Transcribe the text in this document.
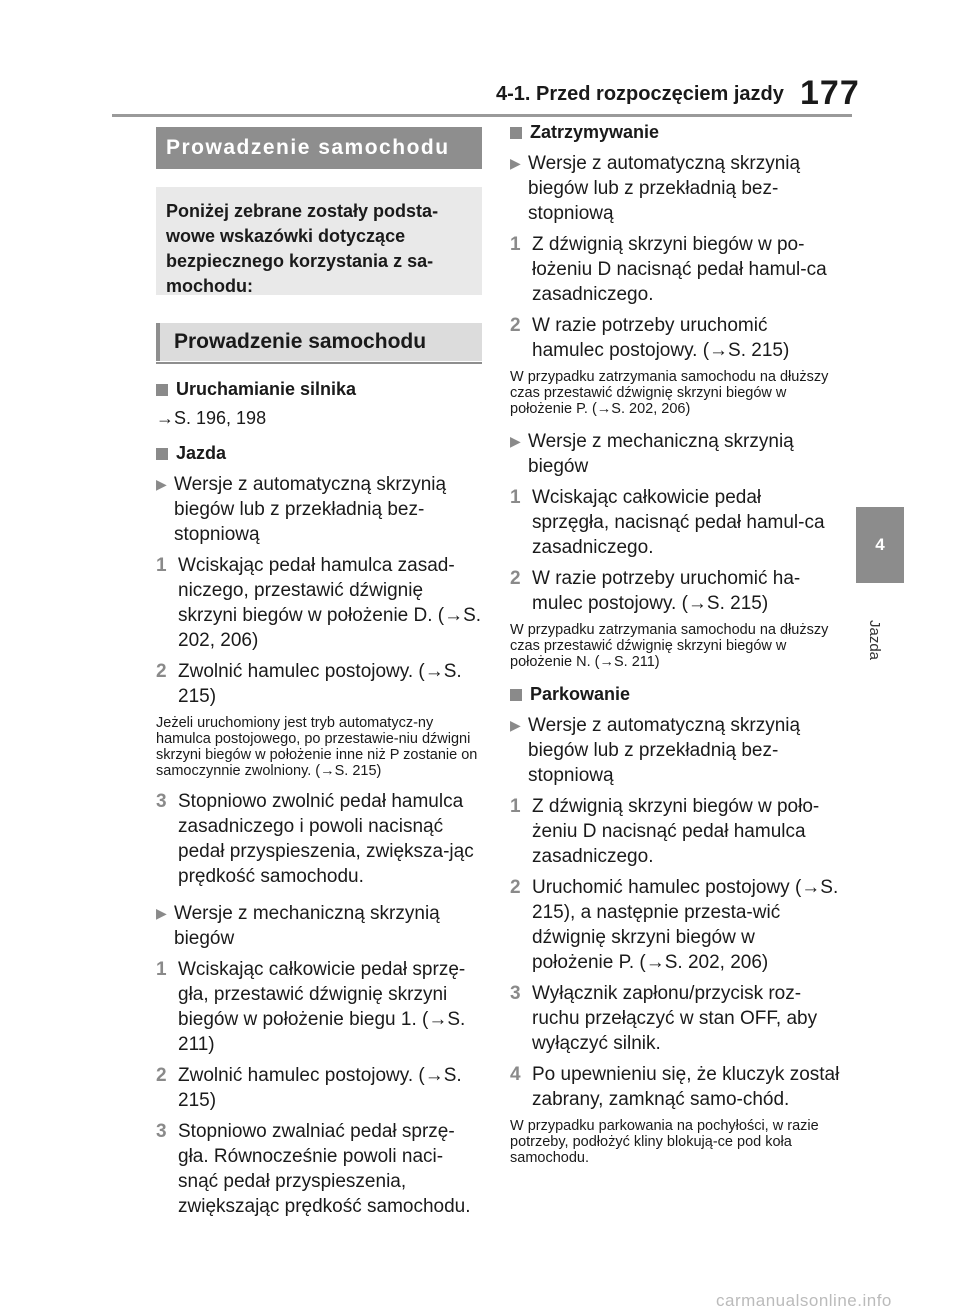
4-1. Przed rozpoczęciem jazdy 177
4
Jazda
Prowadzenie samochodu
Poniżej zebrane zostały podsta-wowe wskazówki dotyczące bezpiecznego korzystania z sa-mochodu:
Prowadzenie samochodu
Uruchamianie silnika
→S. 196, 198
Jazda
▶ Wersje z automatyczną skrzynią biegów lub z przekładnią bez-stopniową
1 Wciskając pedał hamulca zasad-niczego, przestawić dźwignię skrzyni biegów w położenie D. (→S. 202, 206)
2 Zwolnić hamulec postojowy. (→S. 215)
Jeżeli uruchomiony jest tryb automatycz-ny hamulca postojowego, po przestawie-niu dźwigni skrzyni biegów w położenie inne niż P zostanie on samoczynnie zwolniony. (→S. 215)
3 Stopniowo zwolnić pedał hamulca zasadniczego i powoli nacisnąć pedał przyspieszenia, zwiększa-jąc prędkość samochodu.
▶ Wersje z mechaniczną skrzynią biegów
1 Wciskając całkowicie pedał sprzę-gła, przestawić dźwignię skrzyni biegów w położenie biegu 1. (→S. 211)
2 Zwolnić hamulec postojowy. (→S. 215)
3 Stopniowo zwalniać pedał sprzę-gła. Równocześnie powoli naci-snąć pedał przyspieszenia, zwiększając prędkość samochodu.
Zatrzymywanie
▶ Wersje z automatyczną skrzynią biegów lub z przekładnią bez-stopniową
1 Z dźwignią skrzyni biegów w po-łożeniu D nacisnąć pedał hamul-ca zasadniczego.
2 W razie potrzeby uruchomić hamulec postojowy. (→S. 215)
W przypadku zatrzymania samochodu na dłuższy czas przestawić dźwignię skrzyni biegów w położenie P. (→S. 202, 206)
▶ Wersje z mechaniczną skrzynią biegów
1 Wciskając całkowicie pedał sprzęgła, nacisnąć pedał hamul-ca zasadniczego.
2 W razie potrzeby uruchomić ha-mulec postojowy. (→S. 215)
W przypadku zatrzymania samochodu na dłuższy czas przestawić dźwignię skrzyni biegów w położenie N. (→S. 211)
Parkowanie
▶ Wersje z automatyczną skrzynią biegów lub z przekładnią bez-stopniową
1 Z dźwignią skrzyni biegów w poło-żeniu D nacisnąć pedał hamulca zasadniczego.
2 Uruchomić hamulec postojowy (→S. 215), a następnie przesta-wić dźwignię skrzyni biegów w położenie P. (→S. 202, 206)
3 Wyłącznik zapłonu/przycisk roz-ruchu przełączyć w stan OFF, aby wyłączyć silnik.
4 Po upewnieniu się, że kluczyk został zabrany, zamknąć samo-chód.
W przypadku parkowania na pochyłości, w razie potrzeby, podłożyć kliny blokują-ce pod koła samochodu.
carmanualsonline.info
